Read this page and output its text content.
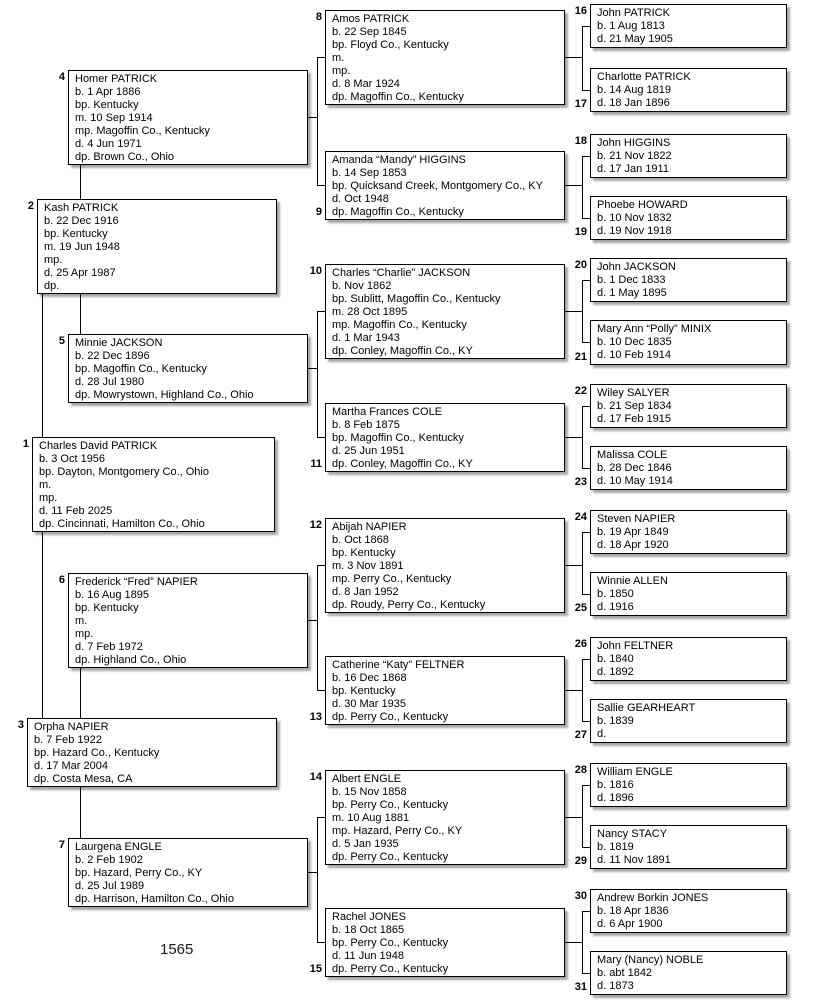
Charles David PATRICK
b. 3 Oct 1956
bp. Dayton, Montgomery Co., Ohio
m.
mp.
d. 11 Feb 2025
dp. Cincinnati, Hamilton Co., Ohio
1
Kash PATRICK
b. 22 Dec 1916
bp. Kentucky
m. 19 Jun 1948
mp.
d. 25 Apr 1987
dp.
2
Orpha NAPIER
b. 7 Feb 1922
bp. Hazard Co., Kentucky
d. 17 Mar 2004
dp. Costa Mesa, CA
3
Homer PATRICK
b. 1 Apr 1886
bp. Kentucky
m. 10 Sep 1914
mp. Magoffin Co., Kentucky
d. 4 Jun 1971
dp. Brown Co., Ohio
4
Minnie JACKSON
b. 22 Dec 1896
bp. Magoffin Co., Kentucky
d. 28 Jul 1980
dp. Mowrystown, Highland Co., Ohio
5
Frederick “Fred” NAPIER
b. 16 Aug 1895
bp. Kentucky
m.
mp.
d. 7 Feb 1972
dp. Highland Co., Ohio
6
Laurgena ENGLE
b. 2 Feb 1902
bp. Hazard, Perry Co., KY
d. 25 Jul 1989
dp. Harrison, Hamilton Co., Ohio
7
Amos PATRICK
b. 22 Sep 1845
bp. Floyd Co., Kentucky
m.
mp.
d. 8 Mar 1924
dp. Magoffin Co., Kentucky
8
Amanda “Mandy” HIGGINS
b. 14 Sep 1853
bp. Quicksand Creek, Montgomery Co., KY
d. Oct 1948
dp. Magoffin Co., Kentucky
9
Charles “Charlie” JACKSON
b. Nov 1862
bp. Sublitt, Magoffin Co., Kentucky
m. 28 Oct 1895
mp. Magoffin Co., Kentucky
d. 1 Mar 1943
dp. Conley, Magoffin Co., KY
10
Martha Frances COLE
b. 8 Feb 1875
bp. Magoffin Co., Kentucky
d. 25 Jun 1951
dp. Conley, Magoffin Co., KY
11
Abijah NAPIER
b. Oct 1868
bp. Kentucky
m. 3 Nov 1891
mp. Perry Co., Kentucky
d. 8 Jan 1952
dp. Roudy, Perry Co., Kentucky
12
Catherine “Katy” FELTNER
b. 16 Dec 1868
bp. Kentucky
d. 30 Mar 1935
dp. Perry Co., Kentucky
13
Albert ENGLE
b. 15 Nov 1858
bp. Perry Co., Kentucky
m. 10 Aug 1881
mp. Hazard, Perry Co., KY
d. 5 Jan 1935
dp. Perry Co., Kentucky
14
Rachel JONES
b. 18 Oct 1865
bp. Perry Co., Kentucky
d. 11 Jun 1948
dp. Perry Co., Kentucky
15
John PATRICK
b. 1 Aug 1813
d. 21 May 1905
16
Charlotte PATRICK
b. 14 Aug 1819
d. 18 Jan 1896
17
John HIGGINS
b. 21 Nov 1822
d. 17 Jan 1911
18
Phoebe HOWARD
b. 10 Nov 1832
d. 19 Nov 1918
19
John JACKSON
b. 1 Dec 1833
d. 1 May 1895
20
Mary Ann “Polly” MINIX
b. 10 Dec 1835
d. 10 Feb 1914
21
Wiley SALYER
b. 21 Sep 1834
d. 17 Feb 1915
22
Malissa COLE
b. 28 Dec 1846
d. 10 May 1914
23
Steven NAPIER
b. 19 Apr 1849
d. 18 Apr 1920
24
Winnie ALLEN
b. 1850
d. 1916
25
John FELTNER
b. 1840
d. 1892
26
Sallie GEARHEART
b. 1839
d.
27
William ENGLE
b. 1816
d. 1896
28
Nancy STACY
b. 1819
d. 11 Nov 1891
29
Andrew Borkin JONES
b. 18 Apr 1836
d. 6 Apr 1900
30
Mary (Nancy) NOBLE
b. abt 1842
d. 1873
31
1565
